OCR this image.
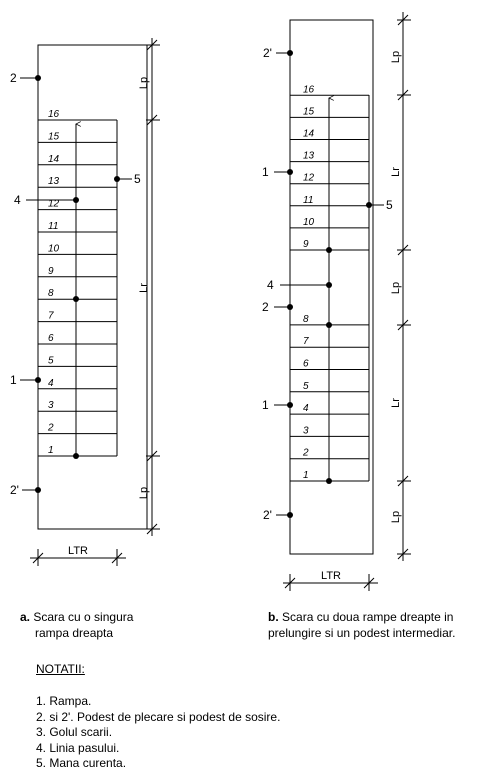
1
2
3
4
5
6
7
8
9
10
11
12
13
14
15
16
2
4
5
1
2'
Lp
Lr
Lp
LTR
1
2
3
4
5
6
7
8
9
10
11
12
13
14
15
16
2'
1
5
4
2
1
2'
Lp
Lr
Lp
Lr
Lp
LTR
a. Scara cu o singura
rampa dreapta
b. Scara cu doua rampe dreapte in
prelungire si un podest intermediar.
NOTATII:
1. Rampa.
2. si 2'. Podest de plecare si podest de sosire.
3. Golul scarii.
4. Linia pasului.
5. Mana curenta.
